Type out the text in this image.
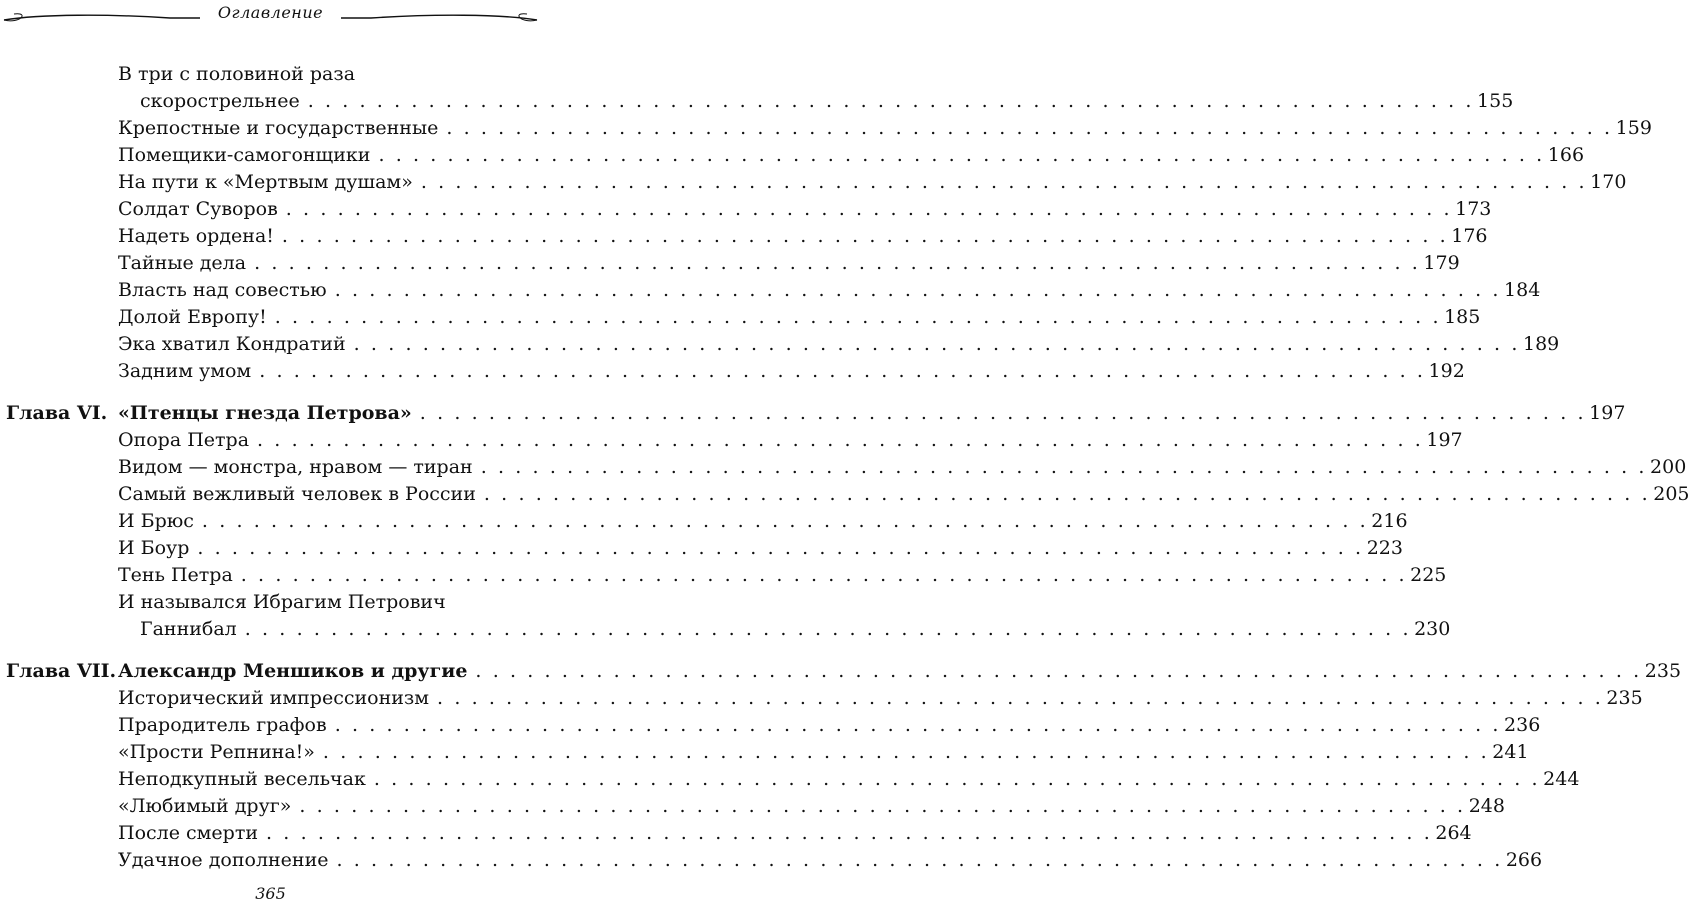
Оглавление
В три с половиной раза
скорострельнее . . . . . . . . . . . . . . . . . . . . . . . . . . . . . . . . . . . . . . . . . . . . . . . . . . . . . . . . . . . . . . . . . . . . 155
Крепостные и государственные . . . . . . . . . . . . . . . . . . . . . . . . . . . . . . . . . . . . . . . . . . . . . . . . . . . . . . . . . . . . . . . . . . . . 159
Помещики-самогонщики . . . . . . . . . . . . . . . . . . . . . . . . . . . . . . . . . . . . . . . . . . . . . . . . . . . . . . . . . . . . . . . . . . . . 166
На пути к «Мертвым душам» . . . . . . . . . . . . . . . . . . . . . . . . . . . . . . . . . . . . . . . . . . . . . . . . . . . . . . . . . . . . . . . . . . . . 170
Солдат Суворов . . . . . . . . . . . . . . . . . . . . . . . . . . . . . . . . . . . . . . . . . . . . . . . . . . . . . . . . . . . . . . . . . . . . 173
Надеть ордена! . . . . . . . . . . . . . . . . . . . . . . . . . . . . . . . . . . . . . . . . . . . . . . . . . . . . . . . . . . . . . . . . . . . . 176
Тайные дела . . . . . . . . . . . . . . . . . . . . . . . . . . . . . . . . . . . . . . . . . . . . . . . . . . . . . . . . . . . . . . . . . . . . 179
Власть над совестью . . . . . . . . . . . . . . . . . . . . . . . . . . . . . . . . . . . . . . . . . . . . . . . . . . . . . . . . . . . . . . . . . . . . 184
Долой Европу! . . . . . . . . . . . . . . . . . . . . . . . . . . . . . . . . . . . . . . . . . . . . . . . . . . . . . . . . . . . . . . . . . . . . 185
Эка хватил Кондратий . . . . . . . . . . . . . . . . . . . . . . . . . . . . . . . . . . . . . . . . . . . . . . . . . . . . . . . . . . . . . . . . . . . . 189
Задним умом . . . . . . . . . . . . . . . . . . . . . . . . . . . . . . . . . . . . . . . . . . . . . . . . . . . . . . . . . . . . . . . . . . . . 192
Глава VI. «Птенцы гнезда Петрова» . . . . . . . . . . . . . . . . . . . . . . . . . . . . . . . . . . . . . . . . . . . . . . . . . . . . . . . . . . . . . . . . . . . . 197
Опора Петра . . . . . . . . . . . . . . . . . . . . . . . . . . . . . . . . . . . . . . . . . . . . . . . . . . . . . . . . . . . . . . . . . . . . 197
Видом — монстра, нравом — тиран . . . . . . . . . . . . . . . . . . . . . . . . . . . . . . . . . . . . . . . . . . . . . . . . . . . . . . . . . . . . . . . . . . . . 200
Самый вежливый человек в России . . . . . . . . . . . . . . . . . . . . . . . . . . . . . . . . . . . . . . . . . . . . . . . . . . . . . . . . . . . . . . . . . . . . 205
И Брюс . . . . . . . . . . . . . . . . . . . . . . . . . . . . . . . . . . . . . . . . . . . . . . . . . . . . . . . . . . . . . . . . . . . . 216
И Боур . . . . . . . . . . . . . . . . . . . . . . . . . . . . . . . . . . . . . . . . . . . . . . . . . . . . . . . . . . . . . . . . . . . . 223
Тень Петра . . . . . . . . . . . . . . . . . . . . . . . . . . . . . . . . . . . . . . . . . . . . . . . . . . . . . . . . . . . . . . . . . . . . 225
И назывался Ибрагим Петрович
Ганнибал . . . . . . . . . . . . . . . . . . . . . . . . . . . . . . . . . . . . . . . . . . . . . . . . . . . . . . . . . . . . . . . . . . . . 230
Глава VII. Александр Меншиков и другие . . . . . . . . . . . . . . . . . . . . . . . . . . . . . . . . . . . . . . . . . . . . . . . . . . . . . . . . . . . . . . . . . . . . 235
Исторический импрессионизм . . . . . . . . . . . . . . . . . . . . . . . . . . . . . . . . . . . . . . . . . . . . . . . . . . . . . . . . . . . . . . . . . . . . 235
Прародитель графов . . . . . . . . . . . . . . . . . . . . . . . . . . . . . . . . . . . . . . . . . . . . . . . . . . . . . . . . . . . . . . . . . . . . 236
«Прости Репнина!» . . . . . . . . . . . . . . . . . . . . . . . . . . . . . . . . . . . . . . . . . . . . . . . . . . . . . . . . . . . . . . . . . . . . 241
Неподкупный весельчак . . . . . . . . . . . . . . . . . . . . . . . . . . . . . . . . . . . . . . . . . . . . . . . . . . . . . . . . . . . . . . . . . . . . 244
«Любимый друг» . . . . . . . . . . . . . . . . . . . . . . . . . . . . . . . . . . . . . . . . . . . . . . . . . . . . . . . . . . . . . . . . . . . . 248
После смерти . . . . . . . . . . . . . . . . . . . . . . . . . . . . . . . . . . . . . . . . . . . . . . . . . . . . . . . . . . . . . . . . . . . . 264
Удачное дополнение . . . . . . . . . . . . . . . . . . . . . . . . . . . . . . . . . . . . . . . . . . . . . . . . . . . . . . . . . . . . . . . . . . . . 266
365
